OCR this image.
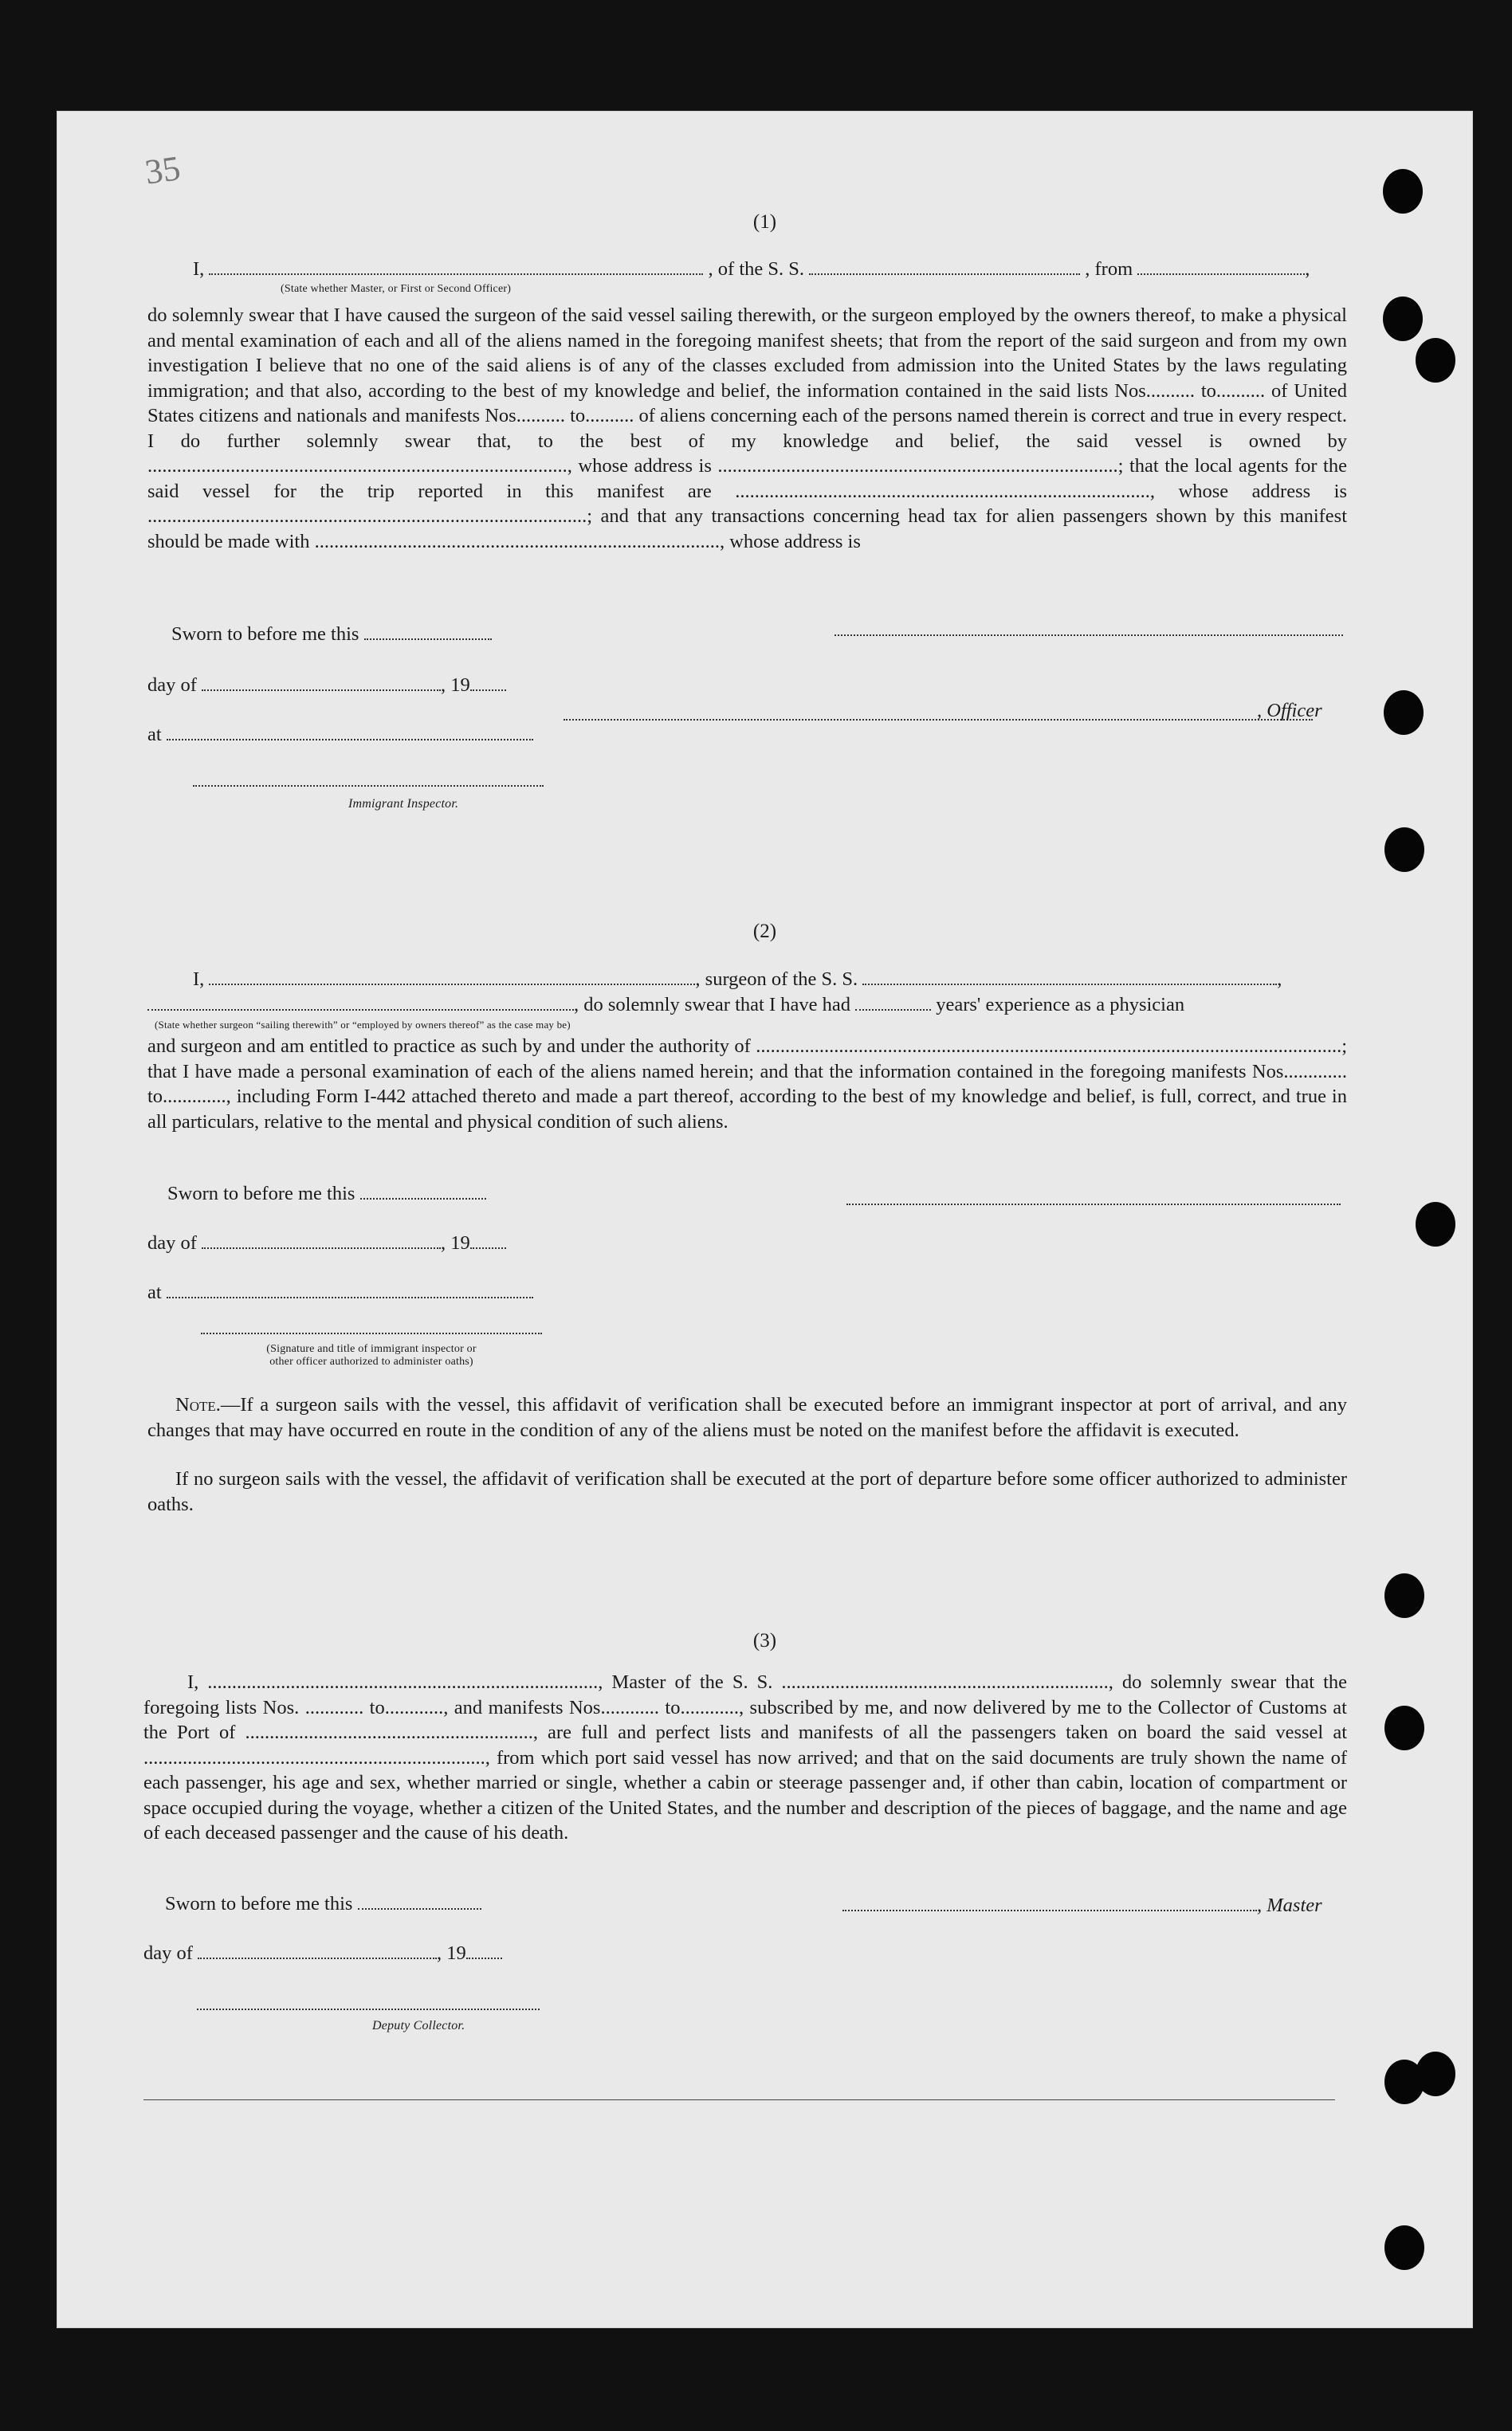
35
(1)
I,	, of the S. S.	, from	,
(State whether Master, or First or Second Officer)
do solemnly swear that I have caused the surgeon of the said vessel sailing therewith, or the surgeon employed by the owners thereof, to make a physical and mental examination of each and all of the aliens named in the foregoing manifest sheets; that from the report of the said surgeon and from my own investigation I believe that no one of the said aliens is of any of the classes excluded from admission into the United States by the laws regulating immigration; and that also, according to the best of my knowledge and belief, the information contained in the said lists Nos.......... to.......... of United States citizens and nationals and manifests Nos.......... to.......... of aliens concerning each of the persons named therein is correct and true in every respect. I do further solemnly swear that, to the best of my knowledge and belief, the said vessel is owned by ......................................................................................, whose address is ..................................................................................; that the local agents for the said vessel for the trip reported in this manifest are ....................................................................................., whose address is ..........................................................................................; and that any transactions concerning head tax for alien passengers shown by this manifest should be made with ..................................................................................., whose address is
Sworn to before me this
day of	, 19
, Officer
at
Immigrant Inspector.
(2)
I,	, surgeon of the S. S.	,
, do solemnly swear that I have had	years' experience as a physician
(State whether surgeon “sailing therewith” or “employed by owners thereof” as the case may be)
and surgeon and am entitled to practice as such by and under the authority of ........................................................................................................................; that I have made a personal examination of each of the aliens named herein; and that the information contained in the foregoing manifests Nos............. to............., including Form I-442 attached thereto and made a part thereof, according to the best of my knowledge and belief, is full, correct, and true in all particulars, relative to the mental and physical condition of such aliens.
Sworn to before me this
day of	, 19
at
(Signature and title of immigrant inspector or
other officer authorized to administer oaths)
Note.—If a surgeon sails with the vessel, this affidavit of verification shall be executed before an immigrant inspector at port of arrival, and any changes that may have occurred en route in the condition of any of the aliens must be noted on the manifest before the affidavit is executed.
If no surgeon sails with the vessel, the affidavit of verification shall be executed at the port of departure before some officer authorized to administer oaths.
(3)
I, ................................................................................, Master of the S. S. ..................................................................., do solemnly swear that the foregoing lists Nos. ............ to............, and manifests Nos............ to............, subscribed by me, and now delivered by me to the Collector of Customs at the Port of ..........................................................., are full and perfect lists and manifests of all the passengers taken on board the said vessel at ......................................................................, from which port said vessel has now arrived; and that on the said documents are truly shown the name of each passenger, his age and sex, whether married or single, whether a cabin or steerage passenger and, if other than cabin, location of compartment or space occupied during the voyage, whether a citizen of the United States, and the number and description of the pieces of baggage, and the name and age of each deceased passenger and the cause of his death.
Sworn to before me this	, Master
day of	, 19
Deputy Collector.
